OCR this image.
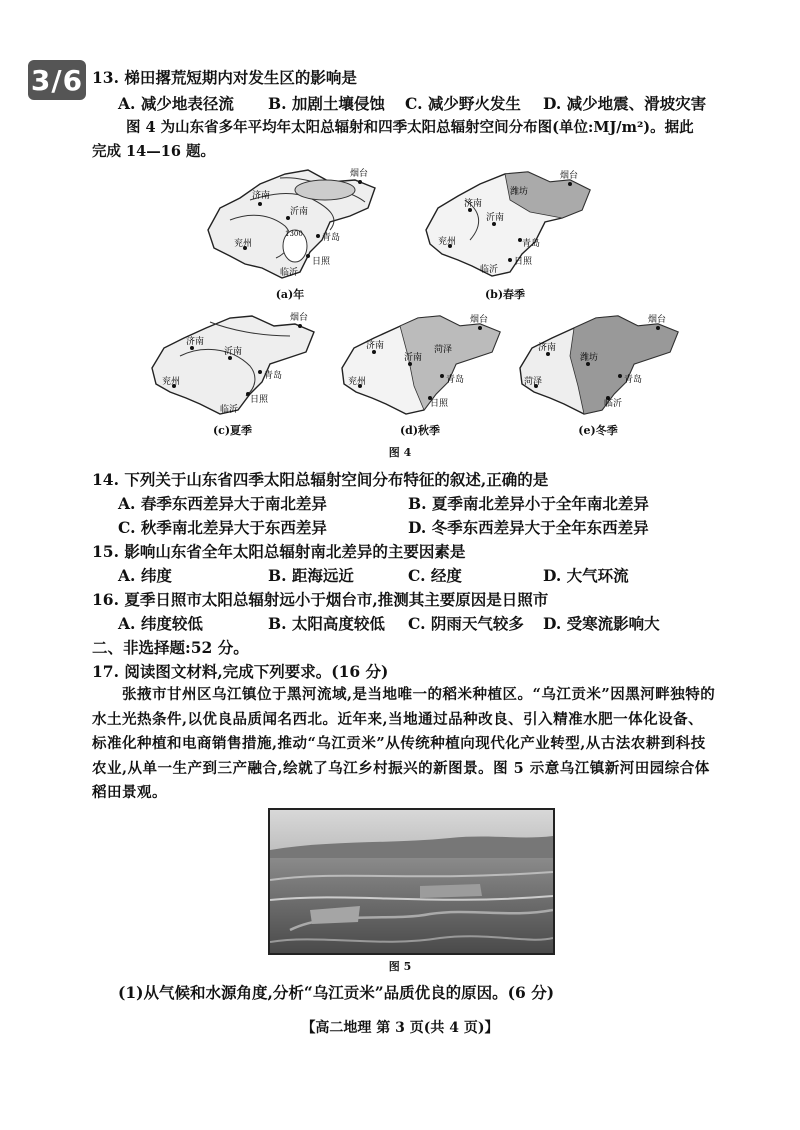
3/6 13. 梯田撂荒短期内对发生区的影响是
A. 减少地表径流 B. 加剧土壤侵蚀 C. 减少野火发生 D. 减少地震、滑坡灾害
图 4 为山东省多年平均年太阳总辐射和四季太阳总辐射空间分布图(单位:MJ/m²)。据此
完成 14—16 题。
济南
沂南
青岛
兖州
日照
烟台
临沂
1300
(a)年
济南
沂南
青岛
兖州
日照
烟台
临沂
潍坊
(b)春季
济南
沂南
青岛
兖州
日照
烟台
临沂
(c)夏季
济南
沂南
青岛
兖州
日照
烟台
菏泽
(d)秋季
济南
潍坊
青岛
菏泽
临沂
烟台
(e)冬季
图 4
14. 下列关于山东省四季太阳总辐射空间分布特征的叙述,正确的是
A. 春季东西差异大于南北差异	B. 夏季南北差异小于全年南北差异
C. 秋季南北差异大于东西差异	D. 冬季东西差异大于全年东西差异
15. 影响山东省全年太阳总辐射南北差异的主要因素是
A. 纬度	B. 距海远近	C. 经度	D. 大气环流
16. 夏季日照市太阳总辐射远小于烟台市,推测其主要原因是日照市
A. 纬度较低	B. 太阳高度较低 C. 阴雨天气较多 D. 受寒流影响大
二、非选择题:52 分。
17. 阅读图文材料,完成下列要求。(16 分)
张掖市甘州区乌江镇位于黑河流域,是当地唯一的稻米种植区。“乌江贡米”因黑河畔独特的水土光热条件,以优良品质闻名西北。近年来,当地通过品种改良、引入精准水肥一体化设备、标准化种植和电商销售措施,推动“乌江贡米”从传统种植向现代化产业转型,从古法农耕到科技农业,从单一生产到三产融合,绘就了乌江乡村振兴的新图景。图 5 示意乌江镇新河田园综合体稻田景观。
图 5
(1)从气候和水源角度,分析“乌江贡米”品质优良的原因。(6 分)
【高二地理 第 3 页(共 4 页)】
